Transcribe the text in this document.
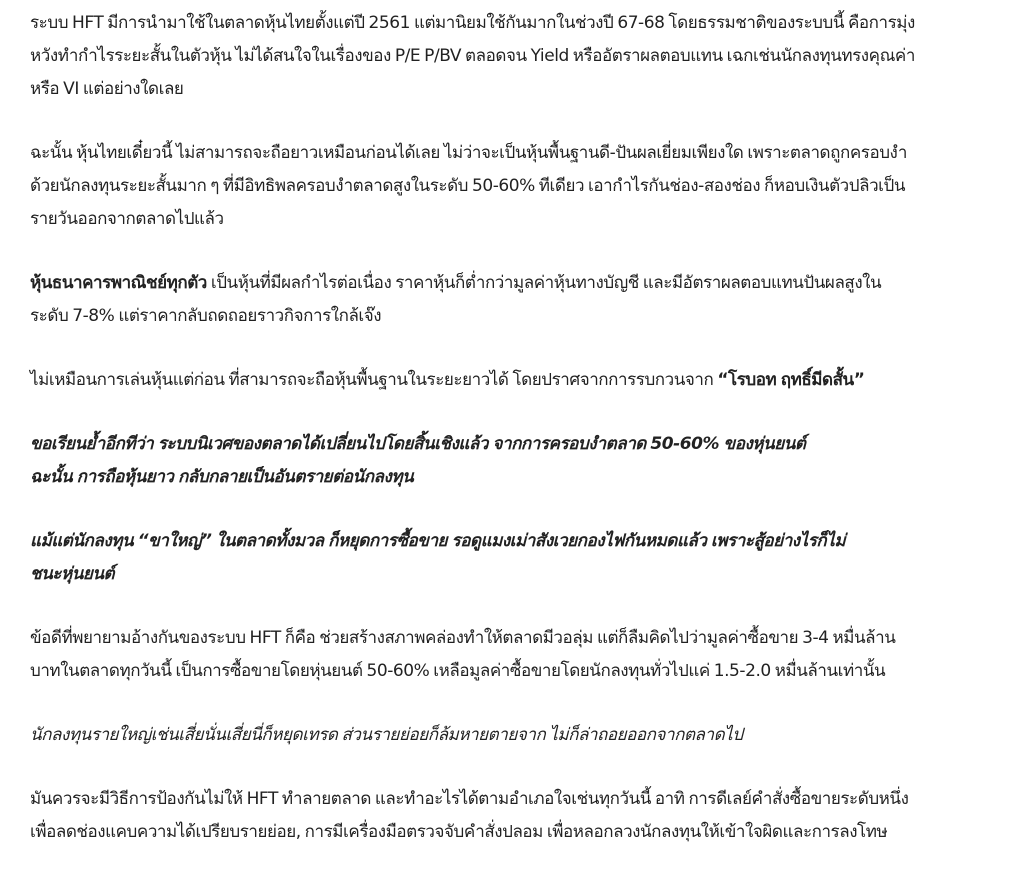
ระบบ HFT มีการนำมาใช้ในตลาดหุ้นไทยตั้งแต่ปี 2561 แต่มานิยมใช้กันมากในช่วงปี 67-68 โดยธรรมชาติของระบบนี้ คือการมุ่ง
หวังทำกำไรระยะสั้นในตัวหุ้น ไม่ได้สนใจในเรื่องของ P/E P/BV ตลอดจน Yield หรืออัตราผลตอบแทน เฉกเช่นนักลงทุนทรงคุณค่า
หรือ VI แต่อย่างใดเลย

ฉะนั้น หุ้นไทยเดี๋ยวนี้ ไม่สามารถจะถือยาวเหมือนก่อนได้เลย ไม่ว่าจะเป็นหุ้นพื้นฐานดี-ปันผลเยี่ยมเพียงใด เพราะตลาดถูกครอบงำ
ด้วยนักลงทุนระยะสั้นมาก ๆ ที่มีอิทธิพลครอบงำตลาดสูงในระดับ 50-60% ทีเดียว เอากำไรกันช่อง-สองช่อง ก็หอบเงินตัวปลิวเป็น
รายวันออกจากตลาดไปแล้ว

หุ้นธนาคารพาณิชย์ทุกตัว เป็นหุ้นที่มีผลกำไรต่อเนื่อง ราคาหุ้นก็ต่ำกว่ามูลค่าหุ้นทางบัญชี และมีอัตราผลตอบแทนปันผลสูงใน
ระดับ 7-8% แต่ราคากลับถดถอยราวกิจการใกล้เจ๊ง

ไม่เหมือนการเล่นหุ้นแต่ก่อน ที่สามารถจะถือหุ้นพื้นฐานในระยะยาวได้ โดยปราศจากการรบกวนจาก “โรบอท ฤทธิ์มีดสั้น”

ขอเรียนย้ำอีกทีว่า ระบบนิเวศของตลาดได้เปลี่ยนไปโดยสิ้นเชิงแล้ว จากการครอบงำตลาด 50-60% ของหุ่นยนต์
ฉะนั้น การถือหุ้นยาว กลับกลายเป็นอันตรายต่อนักลงทุน

แม้แต่นักลงทุน “ขาใหญ่” ในตลาดทั้งมวล ก็หยุดการซื้อขาย รอดูแมงเม่าสังเวยกองไฟกันหมดแล้ว เพราะสู้อย่างไรก็ไม่
ชนะหุ่นยนต์

ข้อดีที่พยายามอ้างกันของระบบ HFT ก็คือ ช่วยสร้างสภาพคล่องทำให้ตลาดมีวอลุ่ม แต่ก็ลืมคิดไปว่ามูลค่าซื้อขาย 3-4 หมื่นล้าน
บาทในตลาดทุกวันนี้ เป็นการซื้อขายโดยหุ่นยนต์ 50-60% เหลือมูลค่าซื้อขายโดยนักลงทุนทั่วไปแค่ 1.5-2.0 หมื่นล้านเท่านั้น

นักลงทุนรายใหญ่เช่นเสี่ยนั่นเสี่ยนี่ก็หยุดเทรด ส่วนรายย่อยก็ล้มหายตายจาก ไม่ก็ล่าถอยออกจากตลาดไป

มันควรจะมีวิธีการป้องกันไม่ให้ HFT ทำลายตลาด และทำอะไรได้ตามอำเภอใจเช่นทุกวันนี้ อาทิ การดีเลย์คำสั่งซื้อขายระดับหนึ่ง
เพื่อลดช่องแคบความได้เปรียบรายย่อย, การมีเครื่องมือตรวจจับคำสั่งปลอม เพื่อหลอกลวงนักลงทุนให้เข้าใจผิดและการลงโทษ
